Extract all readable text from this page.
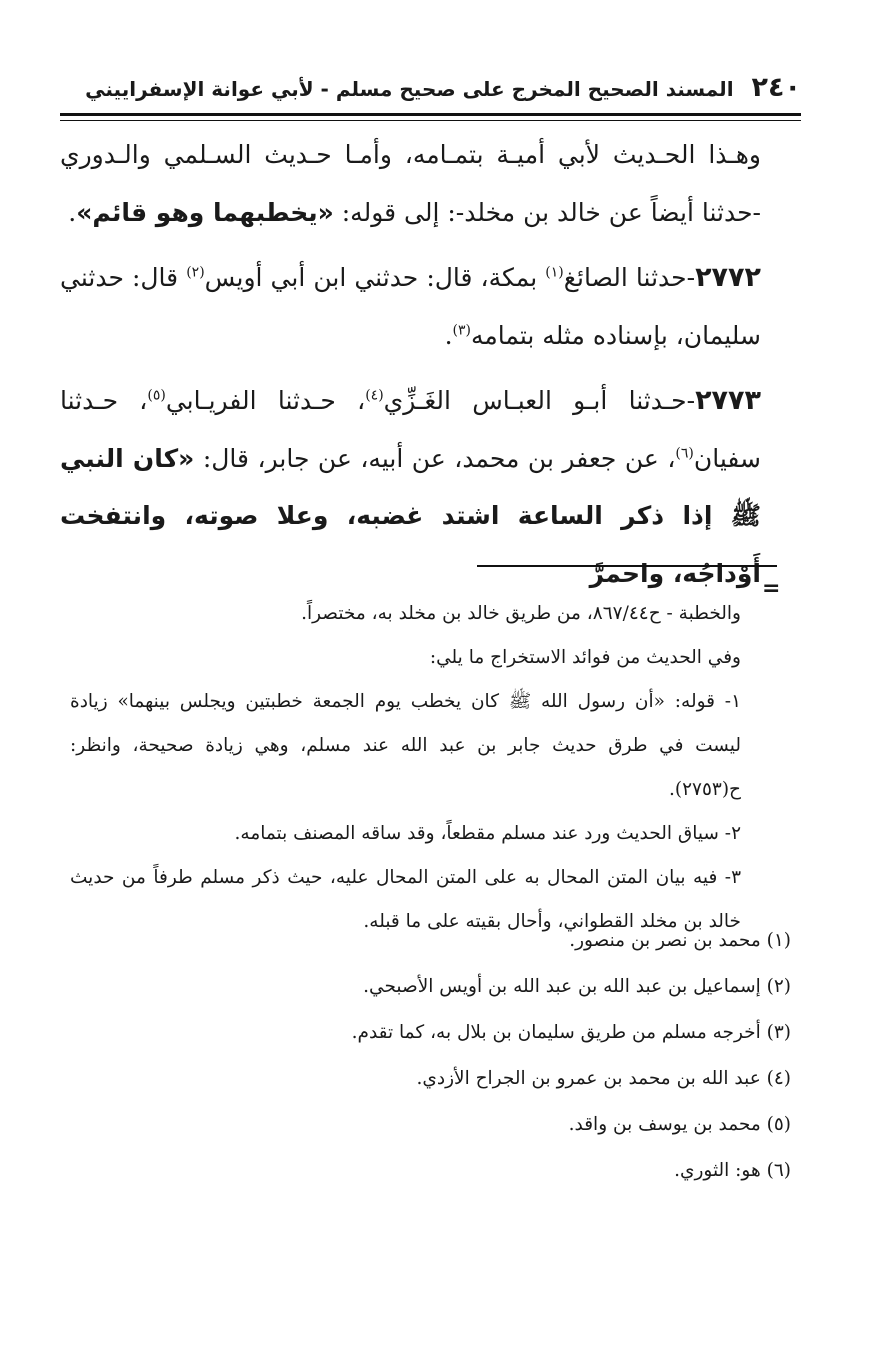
٢٤٠
المسند الصحيح المخرج على صحيح مسلم - لأبي عوانة الإسفراييني

وهـذا الحـديث لأبي أميـة بتمـامه، وأمـا حـديث السـلمي والـدوري -حدثنا أيضاً عن خالد بن مخلد-: إلى قوله: «يخطبهما وهو قائم».

٢٧٧٢-حدثنا الصائغ$^{(١)}$ بمكة، قال: حدثني ابن أبي أويس$^{(٢)}$ قال: حدثني سليمان، بإسناده مثله بتمامه$^{(٣)}$.

٢٧٧٣-حـدثنا أبـو العبـاس الغَـزِّي$^{(٤)}$، حـدثنا الفريـابي$^{(٥)}$، حـدثنا سفيان$^{(٦)}$، عن جعفر بن محمد، عن أبيه، عن جابر، قال: «كان النبي ﷺ إذا ذكر الساعة اشتد غضبه، وعلا صوته، وانتفخت أَوْداجُه، واحمرَّ

=

والخطبة - ح٨٦٧/٤٤، من طريق خالد بن مخلد به، مختصراً.

وفي الحديث من فوائد الاستخراج ما يلي:

١- قوله: «أن رسول الله ﷺ كان يخطب يوم الجمعة خطبتين ويجلس بينهما» زيادة ليست في طرق حديث جابر بن عبد الله عند مسلم، وهي زيادة صحيحة، وانظر: ح(٢٧٥٣).

٢- سياق الحديث ورد عند مسلم مقطعاً، وقد ساقه المصنف بتمامه.

٣- فيه بيان المتن المحال به على المتن المحال عليه، حيث ذكر مسلم طرفاً من حديث خالد بن مخلد القطواني، وأحال بقيته على ما قبله.

(١) محمد بن نصر بن منصور.

(٢) إسماعيل بن عبد الله بن عبد الله بن أويس الأصبحي.

(٣) أخرجه مسلم من طريق سليمان بن بلال به، كما تقدم.

(٤) عبد الله بن محمد بن عمرو بن الجراح الأزدي.

(٥) محمد بن يوسف بن واقد.

(٦) هو: الثوري.
